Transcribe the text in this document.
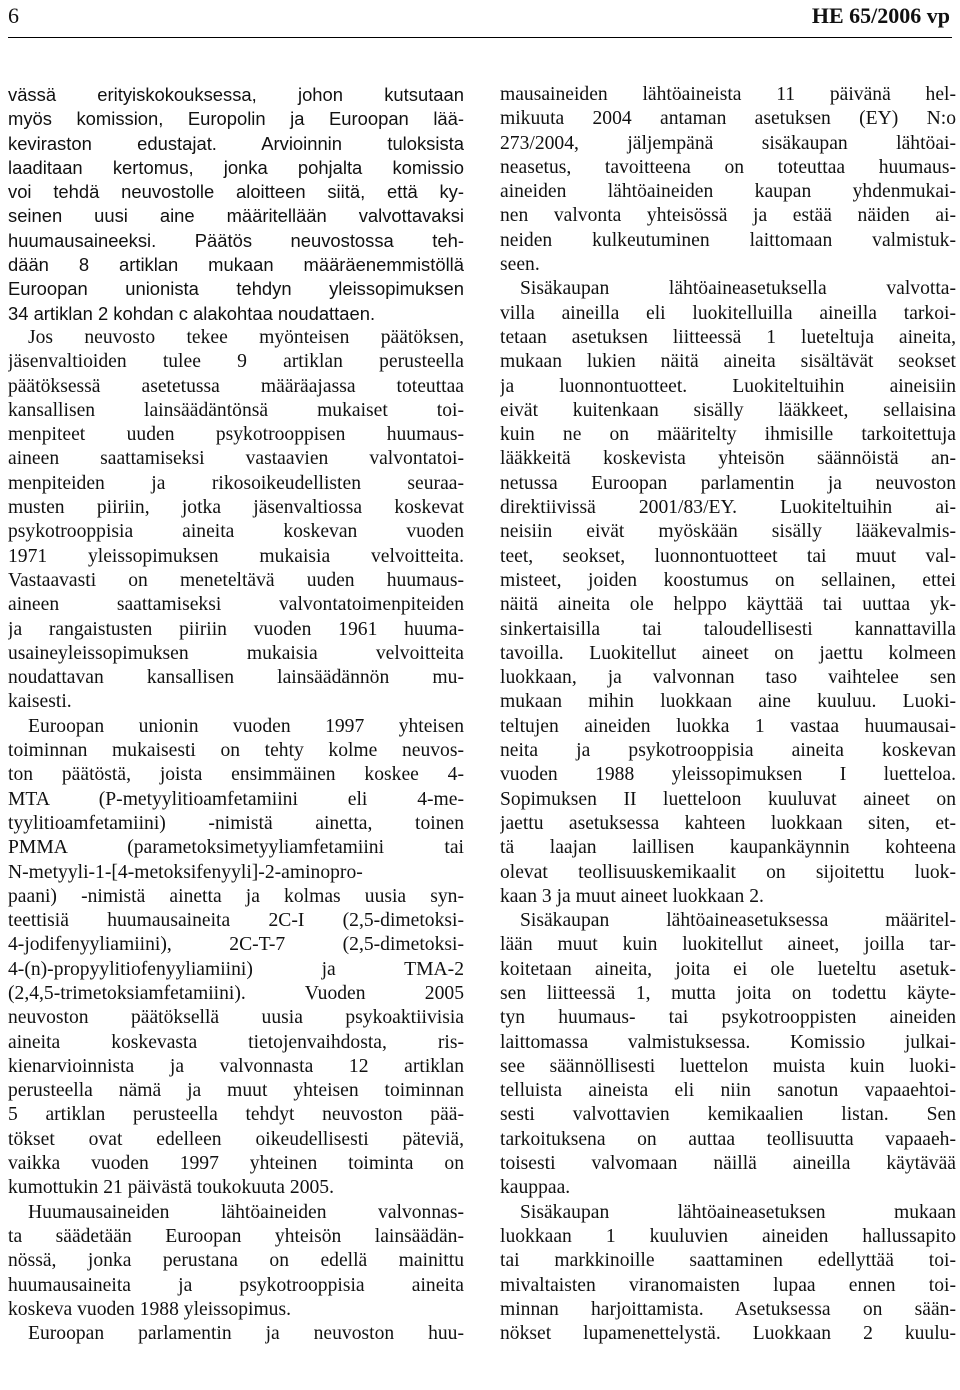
6	HE 65/2006 vp
vässä erityiskokouksessa, johon kutsutaan
myös komission, Europolin ja Euroopan lää-
keviraston edustajat. Arvioinnin tuloksista
laaditaan kertomus, jonka pohjalta komissio
voi tehdä neuvostolle aloitteen siitä, että ky-
seinen uusi aine määritellään valvottavaksi
huumausaineeksi. Päätös neuvostossa teh-
dään 8 artiklan mukaan määräenemmistöllä
Euroopan unionista tehdyn yleissopimuksen
34 artiklan 2 kohdan c alakohtaa noudattaen.
Jos neuvosto tekee myönteisen päätöksen,
jäsenvaltioiden tulee 9 artiklan perusteella
päätöksessä asetetussa määräajassa toteuttaa
kansallisen lainsäädäntönsä mukaiset toi-
menpiteet uuden psykotrooppisen huumaus-
aineen saattamiseksi vastaavien valvontatoi-
menpiteiden ja rikosoikeudellisten seuraa-
musten piiriin, jotka jäsenvaltiossa koskevat
psykotrooppisia aineita koskevan vuoden
1971 yleissopimuksen mukaisia velvoitteita.
Vastaavasti on meneteltävä uuden huumaus-
aineen saattamiseksi valvontatoimenpiteiden
ja rangaistusten piiriin vuoden 1961 huuma-
usaineyleissopimuksen mukaisia velvoitteita
noudattavan kansallisen lainsäädännön mu-
kaisesti.
Euroopan unionin vuoden 1997 yhteisen
toiminnan mukaisesti on tehty kolme neuvos-
ton päätöstä, joista ensimmäinen koskee 4-
MTA (P-metyylitioamfetamiini eli 4-me-
tyylitioamfetamiini) -nimistä ainetta, toinen
PMMA (parametoksimetyyliamfetamiini tai
N-metyyli-1-[4-metoksifenyyli]-2-aminopro-
paani) -nimistä ainetta ja kolmas uusia syn-
teettisiä huumausaineita 2C-I (2,5-dimetoksi-
4-jodifenyyliamiini), 2C-T-7 (2,5-dimetoksi-
4-(n)-propyylitiofenyyliamiini) ja TMA-2
(2,4,5-trimetoksiamfetamiini). Vuoden 2005
neuvoston päätöksellä uusia psykoaktiivisia
aineita koskevasta tietojenvaihdosta, ris-
kienarvioinnista ja valvonnasta 12 artiklan
perusteella nämä ja muut yhteisen toiminnan
5 artiklan perusteella tehdyt neuvoston pää-
tökset ovat edelleen oikeudellisesti päteviä,
vaikka vuoden 1997 yhteinen toiminta on
kumottukin 21 päivästä toukokuuta 2005.
Huumausaineiden lähtöaineiden valvonnas-
ta säädetään Euroopan yhteisön lainsäädän-
nössä, jonka perustana on edellä mainittu
huumausaineita ja psykotrooppisia aineita
koskeva vuoden 1988 yleissopimus.
Euroopan parlamentin ja neuvoston huu-
mausaineiden lähtöaineista 11 päivänä hel-
mikuuta 2004 antaman asetuksen (EY) N:o
273/2004, jäljempänä sisäkaupan lähtöai-
neasetus, tavoitteena on toteuttaa huumaus-
aineiden lähtöaineiden kaupan yhdenmukai-
nen valvonta yhteisössä ja estää näiden ai-
neiden kulkeutuminen laittomaan valmistuk-
seen.
Sisäkaupan lähtöaineasetuksella valvotta-
villa aineilla eli luokitelluilla aineilla tarkoi-
tetaan asetuksen liitteessä 1 lueteltuja aineita,
mukaan lukien näitä aineita sisältävät seokset
ja luonnontuotteet. Luokiteltuihin aineisiin
eivät kuitenkaan sisälly lääkkeet, sellaisina
kuin ne on määritelty ihmisille tarkoitettuja
lääkkeitä koskevista yhteisön säännöistä an-
netussa Euroopan parlamentin ja neuvoston
direktiivissä 2001/83/EY. Luokiteltuihin ai-
neisiin eivät myöskään sisälly lääkevalmis-
teet, seokset, luonnontuotteet tai muut val-
misteet, joiden koostumus on sellainen, ettei
näitä aineita ole helppo käyttää tai uuttaa yk-
sinkertaisilla tai taloudellisesti kannattavilla
tavoilla. Luokitellut aineet on jaettu kolmeen
luokkaan, ja valvonnan taso vaihtelee sen
mukaan mihin luokkaan aine kuuluu. Luoki-
teltujen aineiden luokka 1 vastaa huumausai-
neita ja psykotrooppisia aineita koskevan
vuoden 1988 yleissopimuksen I luetteloa.
Sopimuksen II luetteloon kuuluvat aineet on
jaettu asetuksessa kahteen luokkaan siten, et-
tä laajan laillisen kaupankäynnin kohteena
olevat teollisuuskemikaalit on sijoitettu luok-
kaan 3 ja muut aineet luokkaan 2.
Sisäkaupan lähtöaineasetuksessa määritel-
lään muut kuin luokitellut aineet, joilla tar-
koitetaan aineita, joita ei ole lueteltu asetuk-
sen liitteessä 1, mutta joita on todettu käyte-
tyn huumaus- tai psykotrooppisten aineiden
laittomassa valmistuksessa. Komissio julkai-
see säännöllisesti luettelon muista kuin luoki-
telluista aineista eli niin sanotun vapaaehtoi-
sesti valvottavien kemikaalien listan. Sen
tarkoituksena on auttaa teollisuutta vapaaeh-
toisesti valvomaan näillä aineilla käytävää
kauppaa.
Sisäkaupan lähtöaineasetuksen mukaan
luokkaan 1 kuuluvien aineiden hallussapito
tai markkinoille saattaminen edellyttää toi-
mivaltaisten viranomaisten lupaa ennen toi-
minnan harjoittamista. Asetuksessa on sään-
nökset lupamenettelystä. Luokkaan 2 kuulu-
